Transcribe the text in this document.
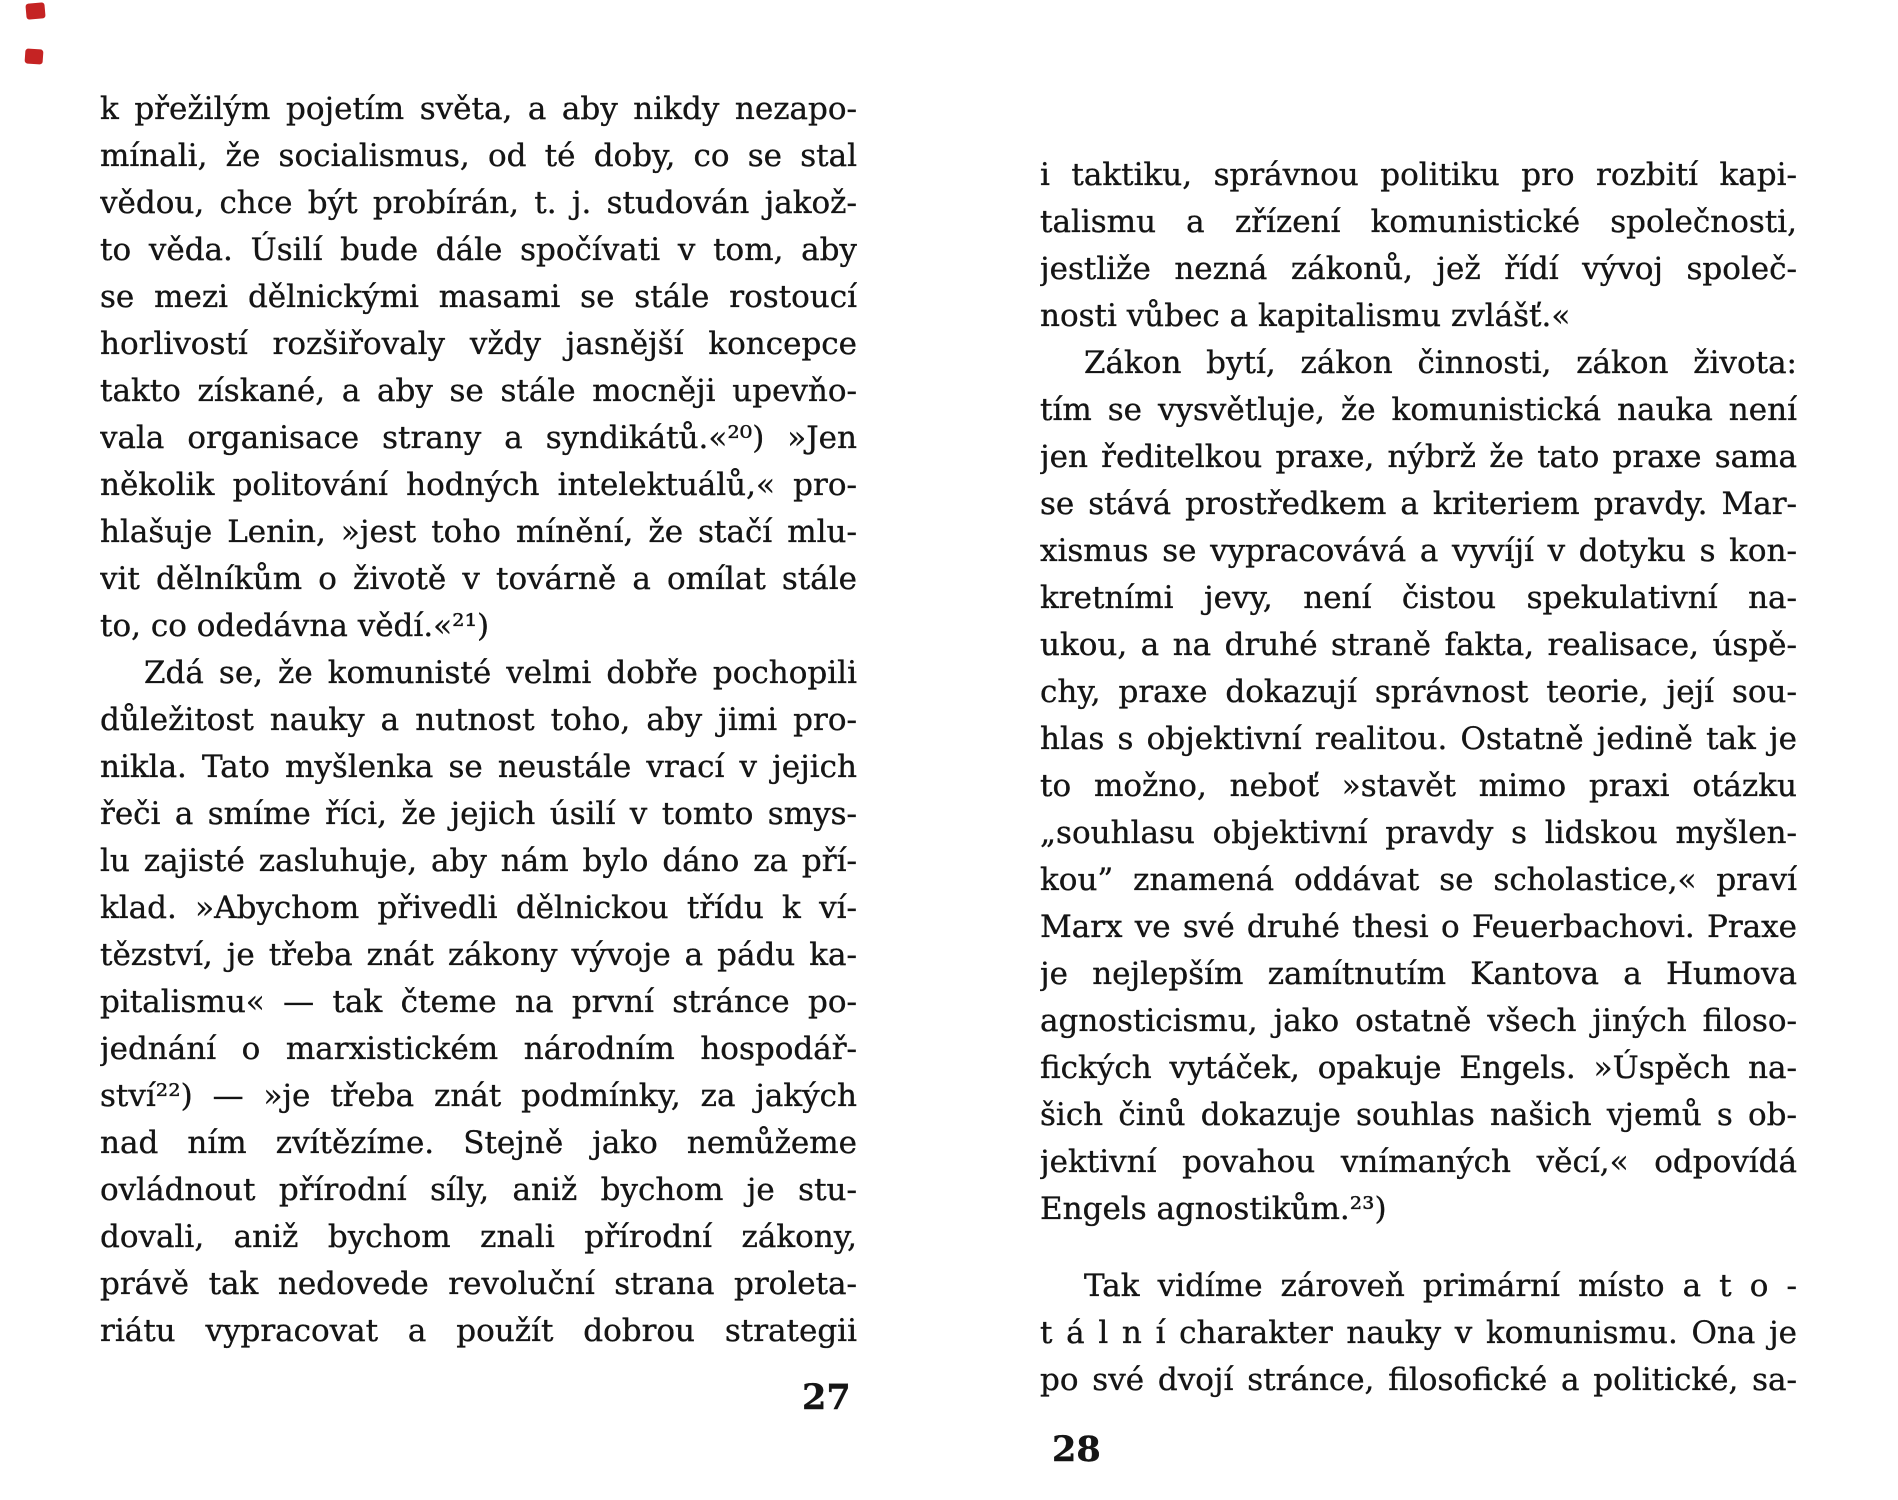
k přežilým pojetím světa, a aby nikdy nezapo-
mínali, že socialismus, od té doby, co se stal
vědou, chce být probírán, t. j. studován jakož-
to věda. Úsilí bude dále spočívati v tom, aby
se mezi dělnickými masami se stále rostoucí
horlivostí rozšiřovaly vždy jasnější koncepce
takto získané, a aby se stále mocněji upevňo-
vala organisace strany a syndikátů.«²⁰) »Jen
několik politování hodných intelektuálů,« pro-
hlašuje Lenin, »jest toho mínění, že stačí mlu-
vit dělníkům o životě v továrně a omílat stále
to, co odedávna vědí.«²¹)
Zdá se, že komunisté velmi dobře pochopili
důležitost nauky a nutnost toho, aby jimi pro-
nikla. Tato myšlenka se neustále vrací v jejich
řeči a smíme říci, že jejich úsilí v tomto smys-
lu zajisté zasluhuje, aby nám bylo dáno za pří-
klad. »Abychom přivedli dělnickou třídu k ví-
tězství, je třeba znát zákony vývoje a pádu ka-
pitalismu« — tak čteme na první stránce po-
jednání o marxistickém národním hospodář-
ství²²) — »je třeba znát podmínky, za jakých
nad ním zvítězíme. Stejně jako nemůžeme
ovládnout přírodní síly, aniž bychom je stu-
dovali, aniž bychom znali přírodní zákony,
právě tak nedovede revoluční strana proleta-
riátu vypracovat a použít dobrou strategii
27
i taktiku, správnou politiku pro rozbití kapi-
talismu a zřízení komunistické společnosti,
jestliže nezná zákonů, jež řídí vývoj společ-
nosti vůbec a kapitalismu zvlášť.«
Zákon bytí, zákon činnosti, zákon života:
tím se vysvětluje, že komunistická nauka není
jen ředitelkou praxe, nýbrž že tato praxe sama
se stává prostředkem a kriteriem pravdy. Mar-
xismus se vypracovává a vyvíjí v dotyku s kon-
kretními jevy, není čistou spekulativní na-
ukou, a na druhé straně fakta, realisace, úspě-
chy, praxe dokazují správnost teorie, její sou-
hlas s objektivní realitou. Ostatně jedině tak je
to možno, neboť »stavět mimo praxi otázku
„souhlasu objektivní pravdy s lidskou myšlen-
kou” znamená oddávat se scholastice,« praví
Marx ve své druhé thesi o Feuerbachovi. Praxe
je nejlepším zamítnutím Kantova a Humova
agnosticismu, jako ostatně všech jiných filoso-
fických vytáček, opakuje Engels. »Úspěch na-
šich činů dokazuje souhlas našich vjemů s ob-
jektivní povahou vnímaných věcí,« odpovídá
Engels agnostikům.²³)
Tak vidíme zároveň primární místo a t o -
t á l n í charakter nauky v komunismu. Ona je
po své dvojí stránce, filosofické a politické, sa-
28
